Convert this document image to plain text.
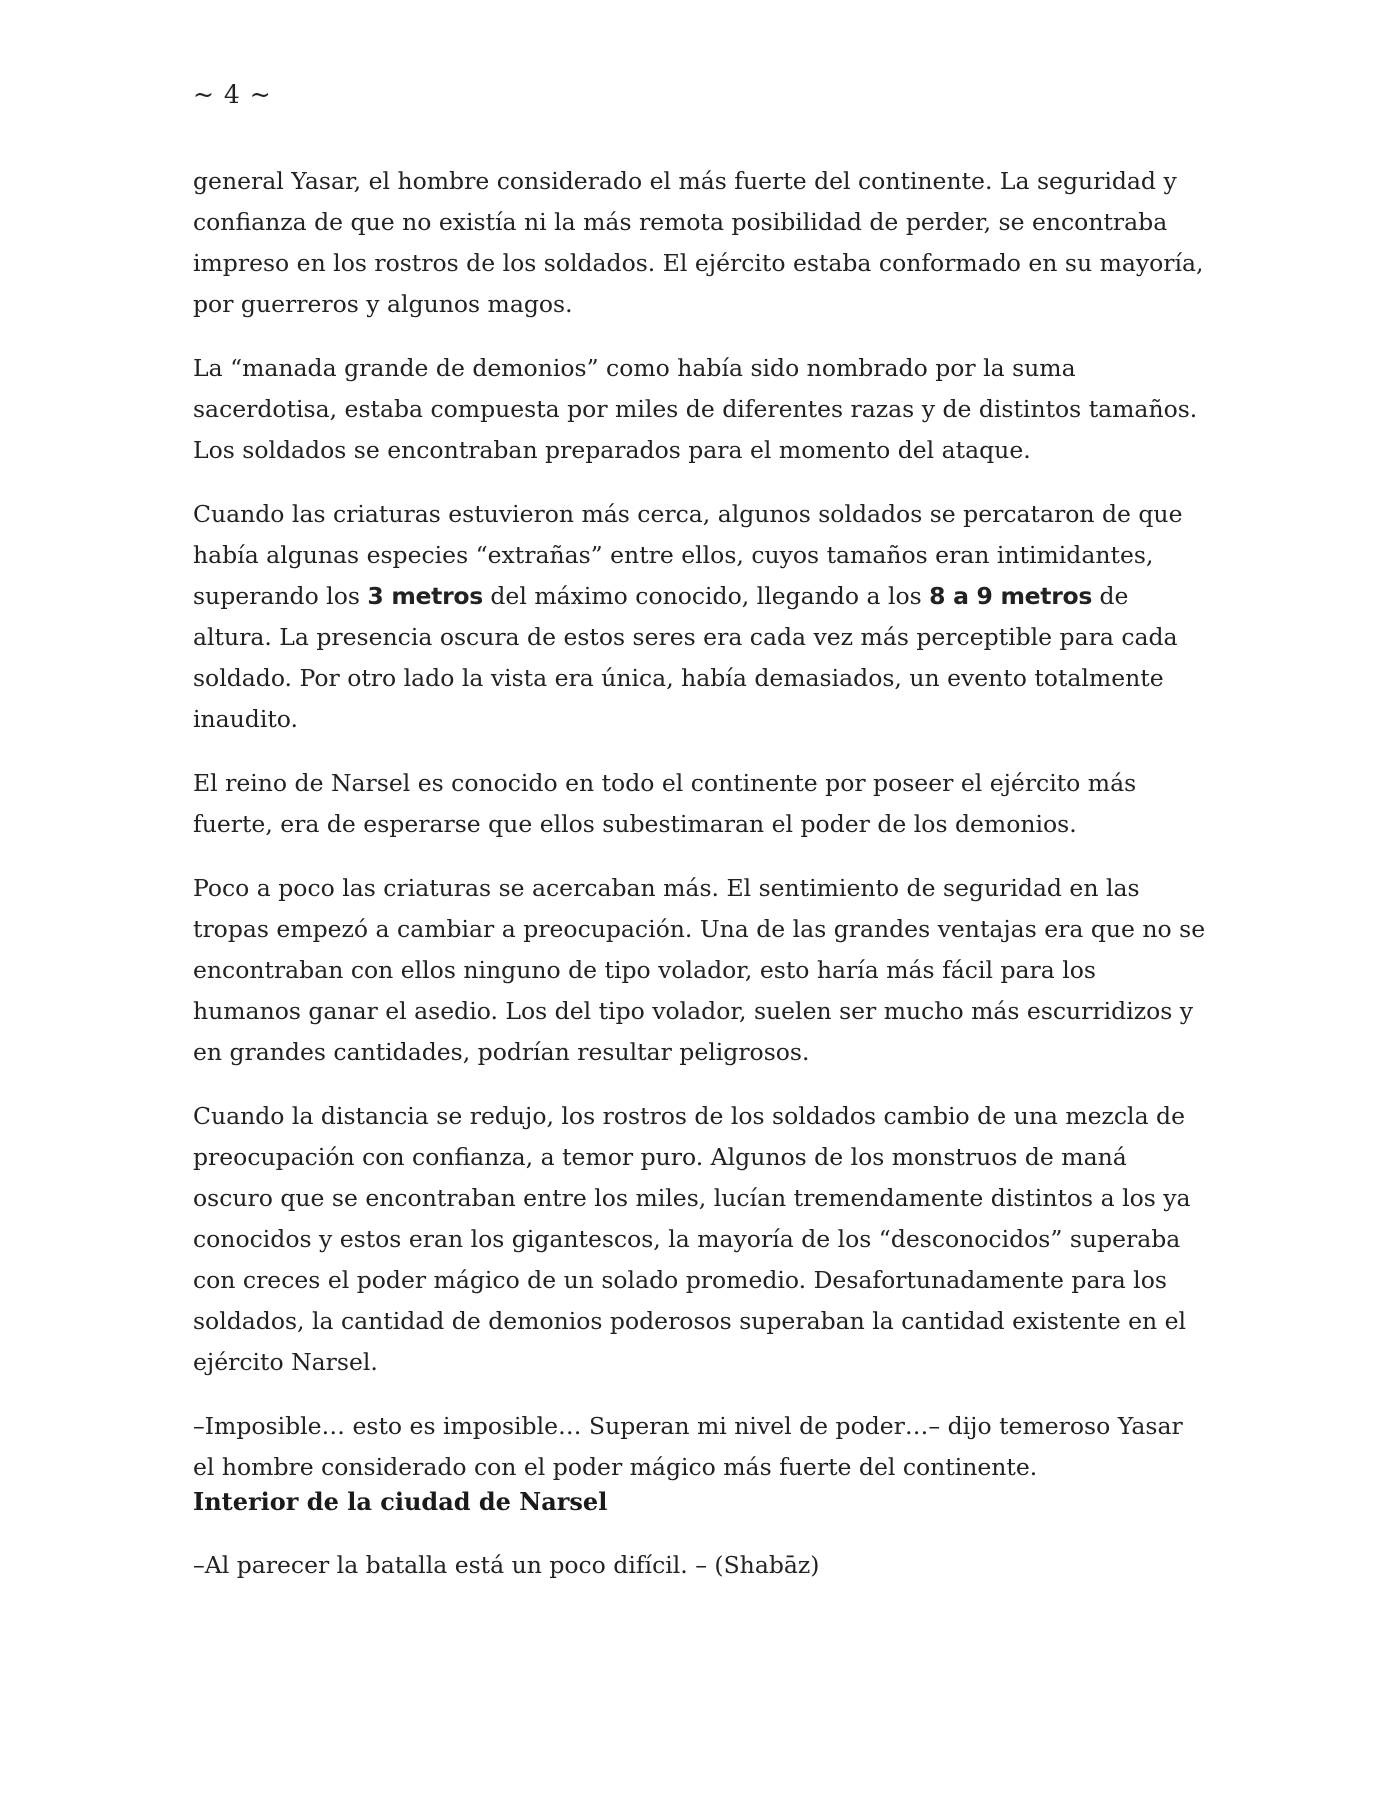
~ 4 ~

general Yasar, el hombre considerado el más fuerte del continente. La seguridad y confianza de que no existía ni la más remota posibilidad de perder, se encontraba impreso en los rostros de los soldados. El ejército estaba conformado en su mayoría, por guerreros y algunos magos.

La “manada grande de demonios” como había sido nombrado por la suma sacerdotisa, estaba compuesta por miles de diferentes razas y de distintos tamaños. Los soldados se encontraban preparados para el momento del ataque.

Cuando las criaturas estuvieron más cerca, algunos soldados se percataron de que había algunas especies “extrañas” entre ellos, cuyos tamaños eran intimidantes, superando los 3 metros del máximo conocido, llegando a los 8 a 9 metros de altura. La presencia oscura de estos seres era cada vez más perceptible para cada soldado. Por otro lado la vista era única, había demasiados, un evento totalmente inaudito.

El reino de Narsel es conocido en todo el continente por poseer el ejército más fuerte, era de esperarse que ellos subestimaran el poder de los demonios.

Poco a poco las criaturas se acercaban más. El sentimiento de seguridad en las tropas empezó a cambiar a preocupación. Una de las grandes ventajas era que no se encontraban con ellos ninguno de tipo volador, esto haría más fácil para los humanos ganar el asedio. Los del tipo volador, suelen ser mucho más escurridizos y en grandes cantidades, podrían resultar peligrosos.

Cuando la distancia se redujo, los rostros de los soldados cambio de una mezcla de preocupación con confianza, a temor puro. Algunos de los monstruos de maná oscuro que se encontraban entre los miles, lucían tremendamente distintos a los ya conocidos y estos eran los gigantescos, la mayoría de los “desconocidos” superaba con creces el poder mágico de un solado promedio. Desafortunadamente para los soldados, la cantidad de demonios poderosos superaban la cantidad existente en el ejército Narsel.

–Imposible… esto es imposible… Superan mi nivel de poder…– dijo temeroso Yasar el hombre considerado con el poder mágico más fuerte del continente.

Interior de la ciudad de Narsel
–Al parecer la batalla está un poco difícil. – (Shabāz)
